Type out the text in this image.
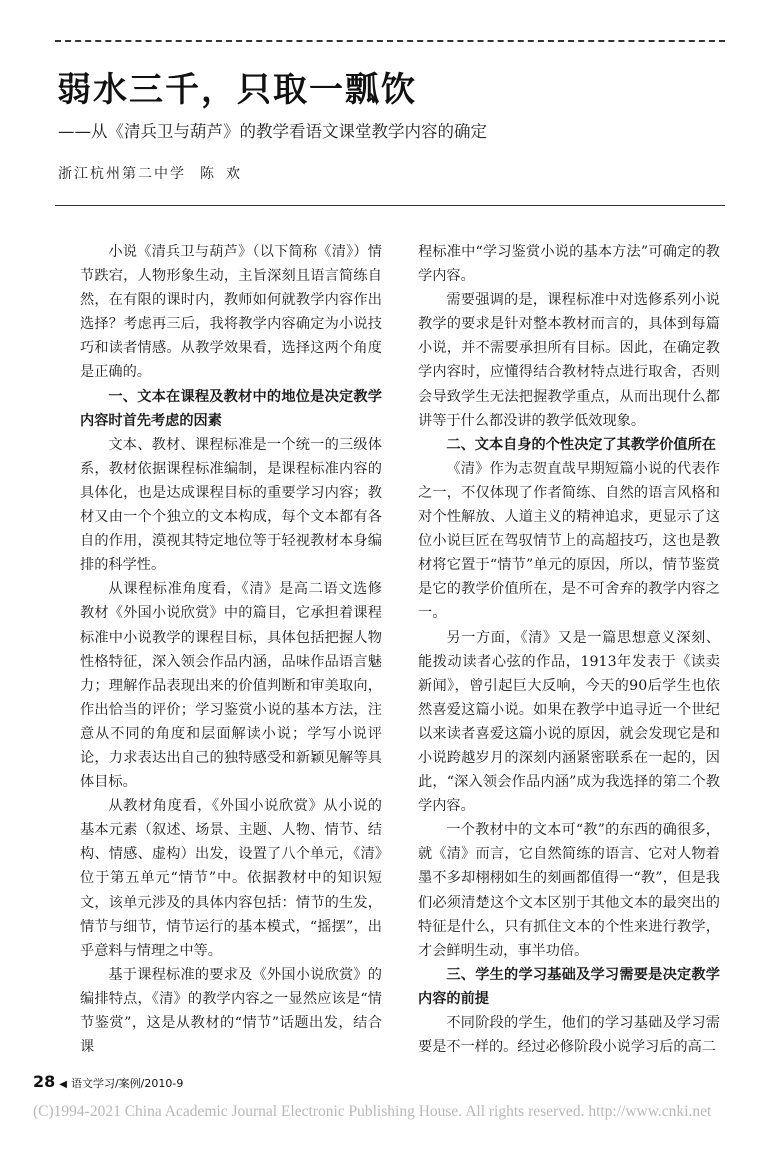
弱水三千，只取一瓢饮
——从《清兵卫与葫芦》的教学看语文课堂教学内容的确定
浙江杭州第二中学 陈欢

小说《清兵卫与葫芦》（以下简称《清》）情节跌宕，人物形象生动，主旨深刻且语言简练自然，在有限的课时内，教师如何就教学内容作出选择？考虑再三后，我将教学内容确定为小说技巧和读者情感。从教学效果看，选择这两个角度是正确的。

一、文本在课程及教材中的地位是决定教学内容时首先考虑的因素

文本、教材、课程标准是一个统一的三级体系，教材依据课程标准编制，是课程标准内容的具体化，也是达成课程目标的重要学习内容；教材又由一个个独立的文本构成，每个文本都有各自的作用，漠视其特定地位等于轻视教材本身编排的科学性。

从课程标准角度看，《清》是高二语文选修教材《外国小说欣赏》中的篇目，它承担着课程标准中小说教学的课程目标，具体包括把握人物性格特征，深入领会作品内涵，品味作品语言魅力；理解作品表现出来的价值判断和审美取向，作出恰当的评价；学习鉴赏小说的基本方法，注意从不同的角度和层面解读小说；学写小说评论，力求表达出自己的独特感受和新颖见解等具体目标。

从教材角度看，《外国小说欣赏》从小说的基本元素（叙述、场景、主题、人物、情节、结构、情感、虚构）出发，设置了八个单元，《清》位于第五单元“情节”中。依据教材中的知识短文，该单元涉及的具体内容包括：情节的生发，情节与细节，情节运行的基本模式，“摇摆”，出乎意料与情理之中等。

基于课程标准的要求及《外国小说欣赏》的编排特点，《清》的教学内容之一显然应该是“情节鉴赏”，这是从教材的“情节”话题出发，结合课

程标准中“学习鉴赏小说的基本方法”可确定的教学内容。

需要强调的是，课程标准中对选修系列小说教学的要求是针对整本教材而言的，具体到每篇小说，并不需要承担所有目标。因此，在确定教学内容时，应懂得结合教材特点进行取舍，否则会导致学生无法把握教学重点，从而出现什么都讲等于什么都没讲的教学低效现象。

二、文本自身的个性决定了其教学价值所在

《清》作为志贺直哉早期短篇小说的代表作之一，不仅体现了作者简练、自然的语言风格和对个性解放、人道主义的精神追求，更显示了这位小说巨匠在驾驭情节上的高超技巧，这也是教材将它置于“情节”单元的原因，所以，情节鉴赏是它的教学价值所在，是不可舍弃的教学内容之一。

另一方面，《清》又是一篇思想意义深刻、能拨动读者心弦的作品，1913年发表于《读卖新闻》，曾引起巨大反响，今天的90后学生也依然喜爱这篇小说。如果在教学中追寻近一个世纪以来读者喜爱这篇小说的原因，就会发现它是和小说跨越岁月的深刻内涵紧密联系在一起的，因此，“深入领会作品内涵”成为我选择的第二个教学内容。

一个教材中的文本可“教”的东西的确很多，就《清》而言，它自然简练的语言、它对人物着墨不多却栩栩如生的刻画都值得一“教”，但是我们必须清楚这个文本区别于其他文本的最突出的特征是什么，只有抓住文本的个性来进行教学，才会鲜明生动，事半功倍。

三、学生的学习基础及学习需要是决定教学内容的前提

不同阶段的学生，他们的学习基础及学习需要是不一样的。经过必修阶段小说学习后的高二

28 ◀ 语文学习/案例/2010-9
(C)1994-2021 China Academic Journal Electronic Publishing House. All rights reserved. http://www.cnki.net
